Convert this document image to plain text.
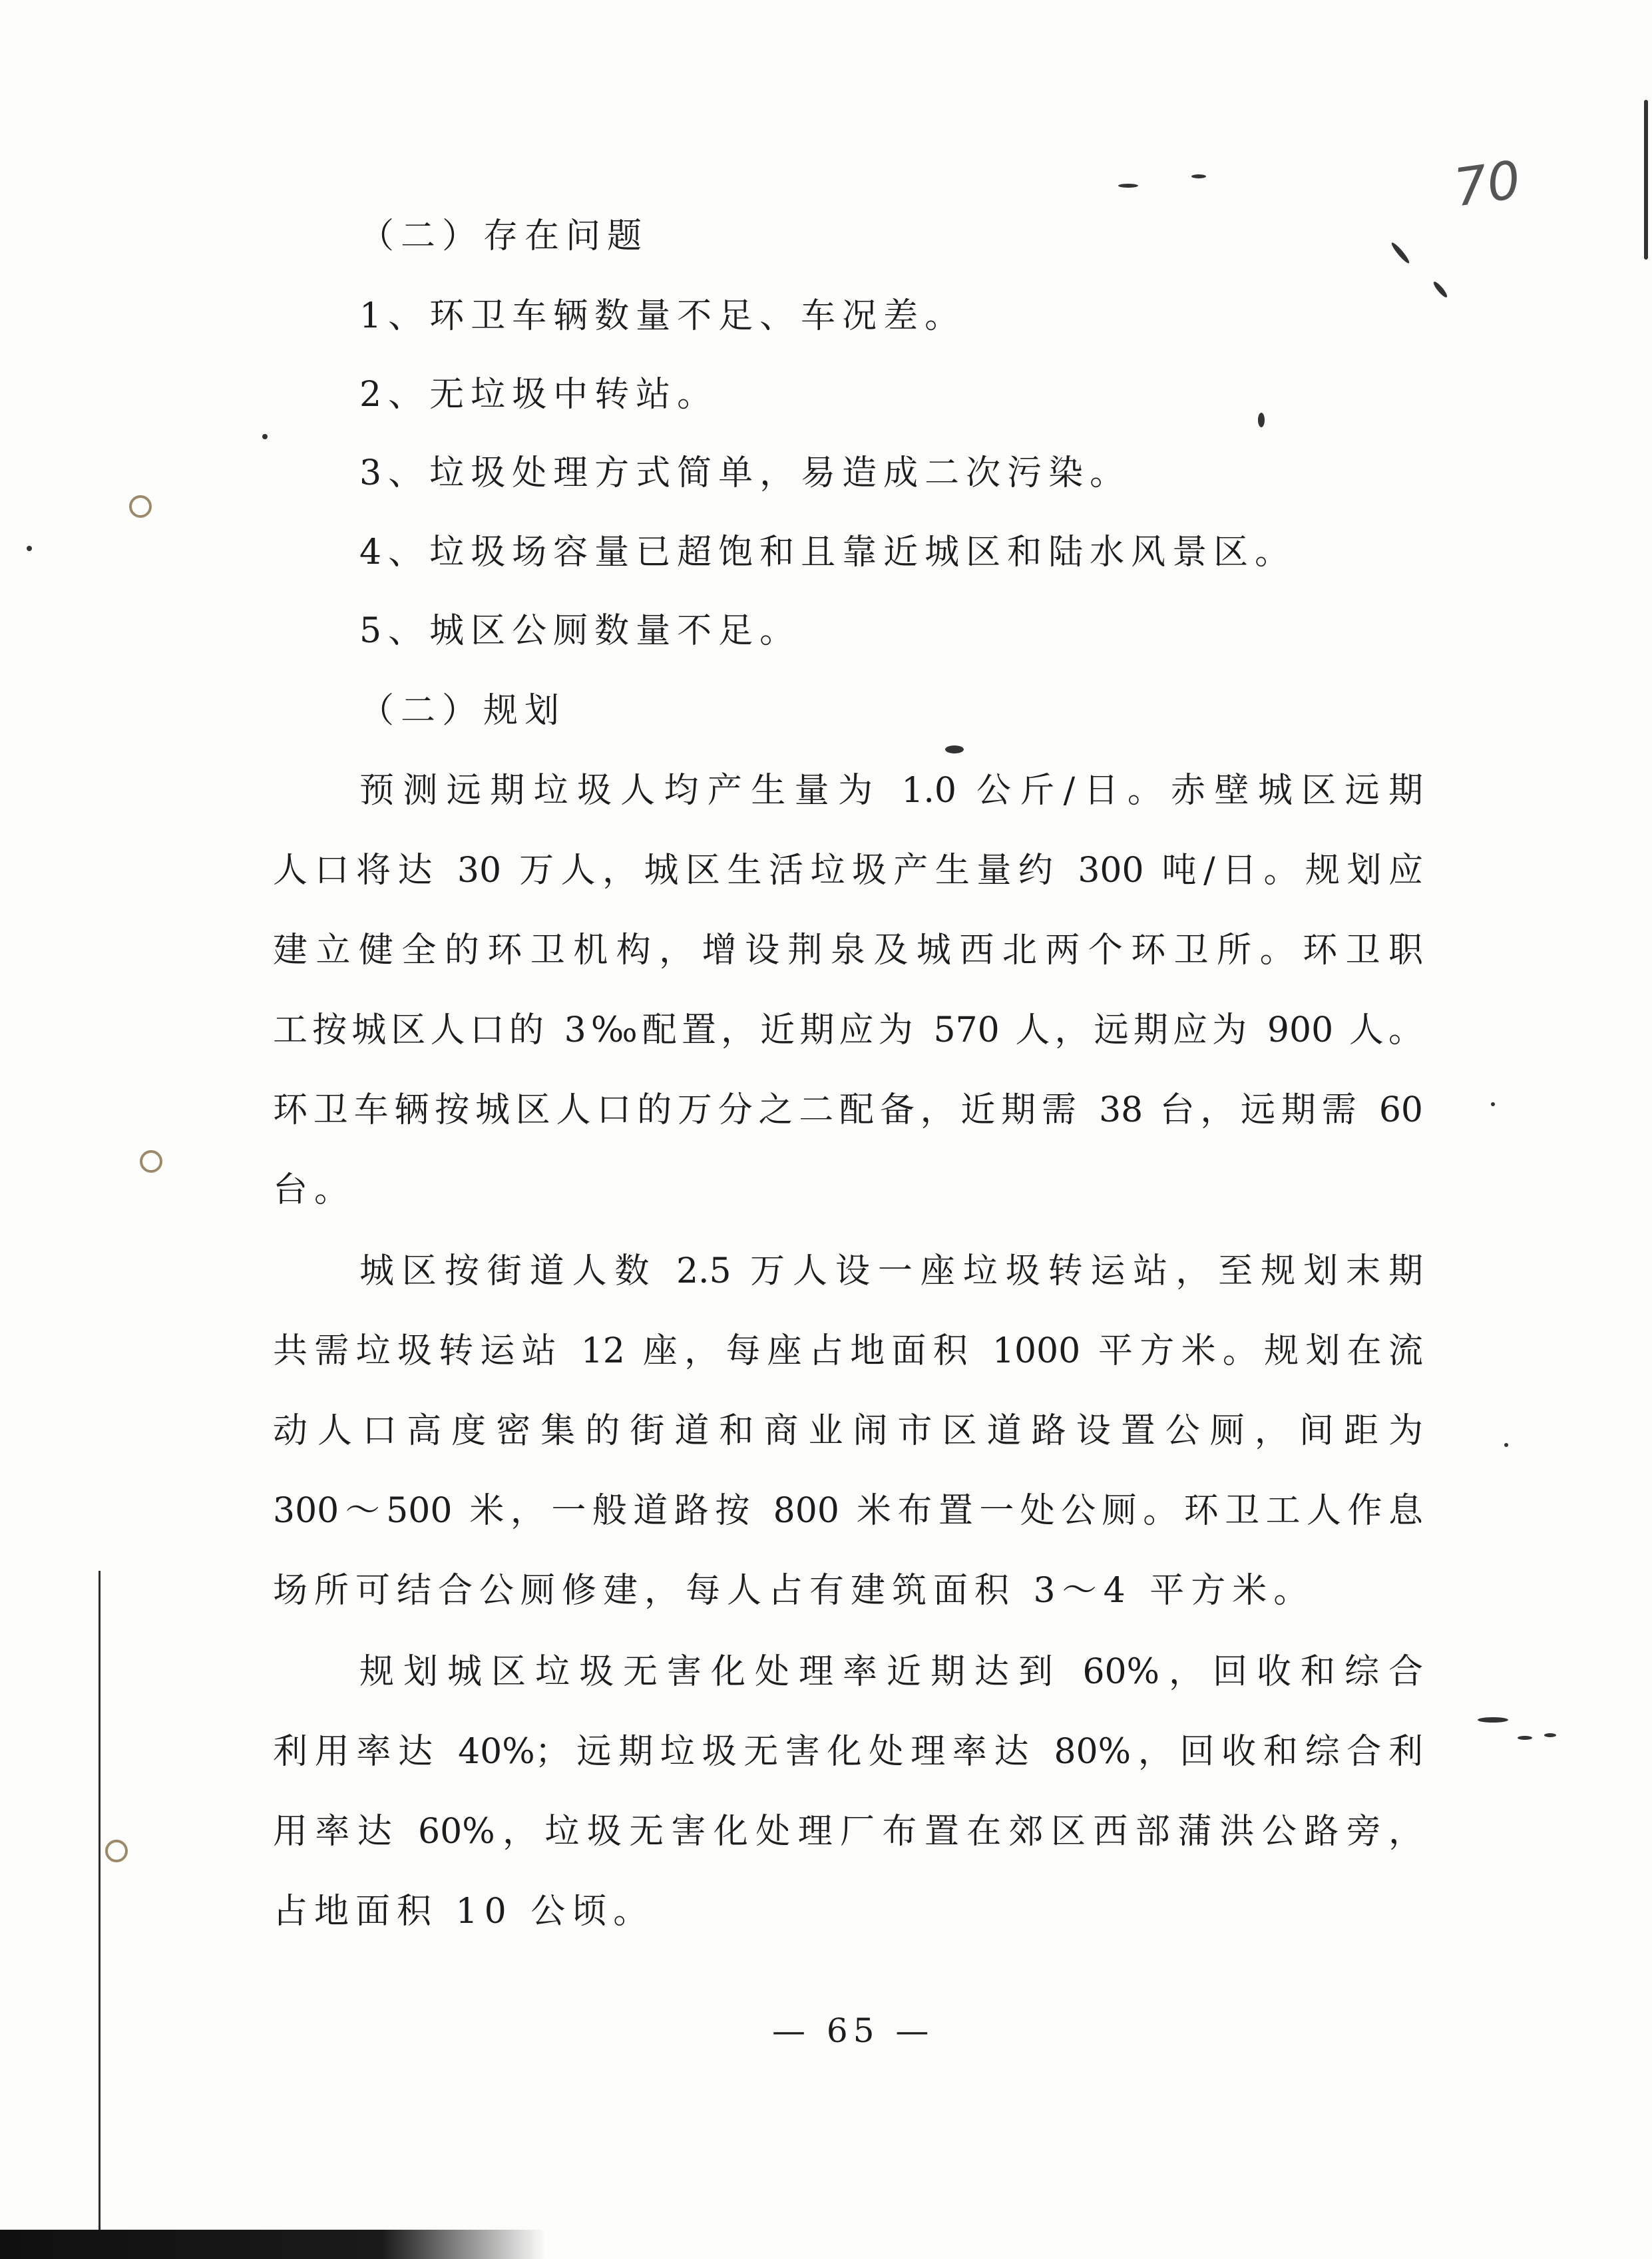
70
（二）存在问题
1、环卫车辆数量不足、车况差。
2、无垃圾中转站。
3、垃圾处理方式简单，易造成二次污染。
4、垃圾场容量已超饱和且靠近城区和陆水风景区。
5、城区公厕数量不足。
（二）规划
预测远期垃圾人均产生量为 1.0 公斤/日。赤壁城区远期
人口将达 30 万人，城区生活垃圾产生量约 300 吨/日。规划应
建立健全的环卫机构，增设荆泉及城西北两个环卫所。环卫职
工按城区人口的 3‰配置，近期应为 570 人，远期应为 900 人。
环卫车辆按城区人口的万分之二配备，近期需 38 台，远期需 60
台。
城区按街道人数 2.5 万人设一座垃圾转运站，至规划末期
共需垃圾转运站 12 座，每座占地面积 1000 平方米。规划在流
动人口高度密集的街道和商业闹市区道路设置公厕，间距为
300～500 米，一般道路按 800 米布置一处公厕。环卫工人作息
场所可结合公厕修建，每人占有建筑面积 3～4 平方米。
规划城区垃圾无害化处理率近期达到 60%，回收和综合
利用率达 40%；远期垃圾无害化处理率达 80%，回收和综合利
用率达 60%，垃圾无害化处理厂布置在郊区西部蒲洪公路旁，
占地面积 10 公顷。
— 65 —
